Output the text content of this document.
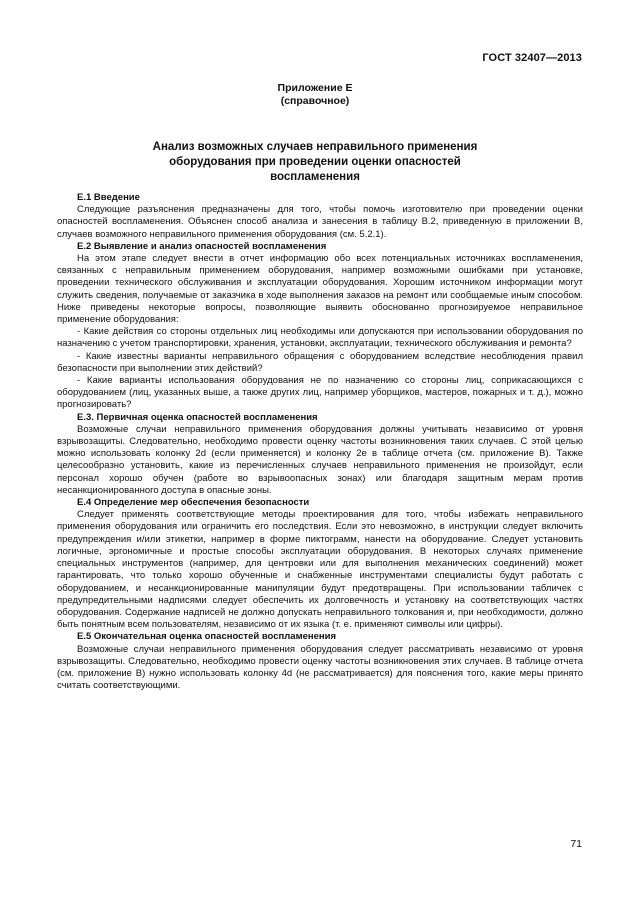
ГОСТ 32407—2013
Приложение Е
(справочное)
Анализ возможных случаев неправильного применения
оборудования при проведении оценки опасностей
воспламенения

Е.1 Введение

Следующие разъяснения предназначены для того, чтобы помочь изготовителю при проведении оценки опасностей воспламенения. Объяснен способ анализа и занесения в таблицу В.2, приведенную в приложении В, случаев возможного неправильного применения оборудования (см. 5.2.1).

Е.2 Выявление и анализ опасностей воспламенения

На этом этапе следует внести в отчет информацию обо всех потенциальных источниках воспламенения, связанных с неправильным применением оборудования, например возможными ошибками при установке, проведении технического обслуживания и эксплуатации оборудования. Хорошим источником информации могут служить сведения, получаемые от заказчика в ходе выполнения заказов на ремонт или сообщаемые иным способом. Ниже приведены некоторые вопросы, позволяющие выявить обоснованно прогнозируемое неправильное применение оборудования:

- Какие действия со стороны отдельных лиц необходимы или допускаются при использовании оборудования по назначению с учетом транспортировки, хранения, установки, эксплуатации, технического обслуживания и ремонта?

- Какие известны варианты неправильного обращения с оборудованием вследствие несоблюдения правил безопасности при выполнении этих действий?

- Какие варианты использования оборудования не по назначению со стороны лиц, соприкасающихся с оборудованием (лиц, указанных выше, а также других лиц, например уборщиков, мастеров, пожарных и т. д.), можно прогнозировать?

Е.3. Первичная оценка опасностей воспламенения

Возможные случаи неправильного применения оборудования должны учитывать независимо от уровня взрывозащиты. Следовательно, необходимо провести оценку частоты возникновения таких случаев. С этой целью можно использовать колонку 2d (если применяется) и колонку 2е в таблице отчета (см. приложение В). Также целесообразно установить, какие из перечисленных случаев неправильного применения не произойдут, если персонал хорошо обучен (работе во взрывоопасных зонах) или благодаря защитным мерам против несанкционированного доступа в опасные зоны.

Е.4 Определение мер обеспечения безопасности

Следует применять соответствующие методы проектирования для того, чтобы избежать неправильного применения оборудования или ограничить его последствия. Если это невозможно, в инструкции следует включить предупреждения и/или этикетки, например в форме пиктограмм, нанести на оборудование. Следует установить логичные, эргономичные и простые способы эксплуатации оборудования. В некоторых случаях применение специальных инструментов (например, для центровки или для выполнения механических соединений) может гарантировать, что только хорошо обученные и снабженные инструментами специалисты будут работать с оборудованием, и несанкционированные манипуляции будут предотвращены. При использовании табличек с предупредительными надписями следует обеспечить их долговечность и установку на соответствующих частях оборудования. Содержание надписей не должно допускать неправильного толкования и, при необходимости, должно быть понятным всем пользователям, независимо от их языка (т. е. применяют символы или цифры).

Е.5 Окончательная оценка опасностей воспламенения

Возможные случаи неправильного применения оборудования следует рассматривать независимо от уровня взрывозащиты. Следовательно, необходимо провести оценку частоты возникновения этих случаев. В таблице отчета (см. приложение В) нужно использовать колонку 4d (не рассматривается) для пояснения того, какие меры принято считать соответствующими.

71
